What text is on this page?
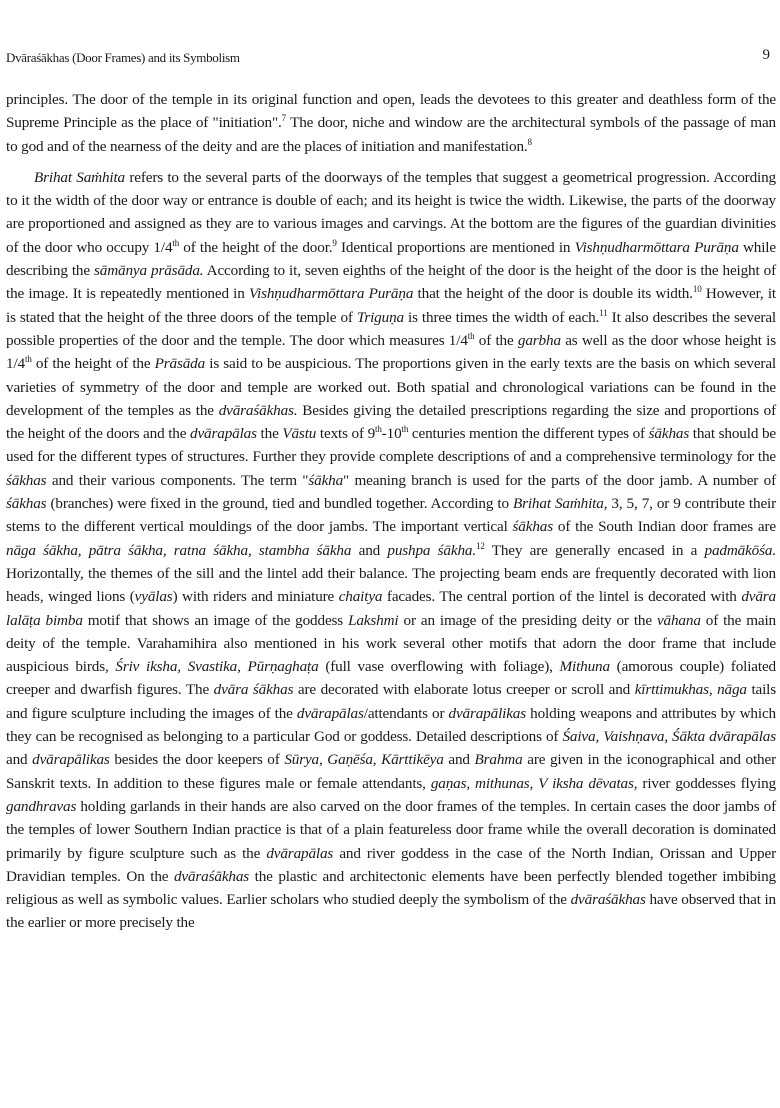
Dvāraśākhas (Door Frames) and its Symbolism	9

principles. The door of the temple in its original function and open, leads the devotees to this greater and deathless form of the Supreme Principle as the place of "initiation".$^7$ The door, niche and window are the architectural symbols of the passage of man to god and of the nearness of the deity and are the places of initiation and manifestation.$^8$

Brihat Saṁhita refers to the several parts of the doorways of the temples that suggest a geometrical progression. According to it the width of the door way or entrance is double of each; and its height is twice the width. Likewise, the parts of the doorway are proportioned and assigned as they are to various images and carvings. At the bottom are the figures of the guardian divinities of the door who occupy 1/4th of the height of the door.$^9$ Identical proportions are mentioned in Vishṇudharmōttara Purāṇa while describing the sāmānya prāsāda. According to it, seven eighths of the height of the door is the height of the door is the height of the image. It is repeatedly mentioned in Vishṇudharmōttara Purāṇa that the height of the door is double its width.$^{10}$ However, it is stated that the height of the three doors of the temple of Triguṇa is three times the width of each.$^{11}$ It also describes the several possible properties of the door and the temple. The door which measures 1/4th of the garbha as well as the door whose height is 1/4th of the height of the Prāsāda is said to be auspicious. The proportions given in the early texts are the basis on which several varieties of symmetry of the door and temple are worked out. Both spatial and chronological variations can be found in the development of the temples as the dvāraśākhas. Besides giving the detailed prescriptions regarding the size and proportions of the height of the doors and the dvārapālas the Vāstu texts of 9th-10th centuries mention the different types of śākhas that should be used for the different types of structures. Further they provide complete descriptions of and a comprehensive terminology for the śākhas and their various components. The term "śākha" meaning branch is used for the parts of the door jamb. A number of śākhas (branches) were fixed in the ground, tied and bundled together. According to Brihat Saṁhita, 3, 5, 7, or 9 contribute their stems to the different vertical mouldings of the door jambs. The important vertical śākhas of the South Indian door frames are nāga śākha, pātra śākha, ratna śākha, stambha śākha and pushpa śākha.$^{12}$ They are generally encased in a padmākōśa. Horizontally, the themes of the sill and the lintel add their balance. The projecting beam ends are frequently decorated with lion heads, winged lions (vyālas) with riders and miniature chaitya facades. The central portion of the lintel is decorated with dvāra lalāṭa bimba motif that shows an image of the goddess Lakshmi or an image of the presiding deity or the vāhana of the main deity of the temple. Varahamihira also mentioned in his work several other motifs that adorn the door frame that include auspicious birds, Śriv iksha, Svastika, Pūrṇaghaṭa (full vase overflowing with foliage), Mithuna (amorous couple) foliated creeper and dwarfish figures. The dvāra śākhas are decorated with elaborate lotus creeper or scroll and kīrttimukhas, nāga tails and figure sculpture including the images of the dvārapālas/attendants or dvārapālikas holding weapons and attributes by which they can be recognised as belonging to a particular God or goddess. Detailed descriptions of Śaiva, Vaishṇava, Śākta dvārapālas and dvārapālikas besides the door keepers of Sūrya, Gaṇēśa, Kārttikēya and Brahma are given in the iconographical and other Sanskrit texts. In addition to these figures male or female attendants, gaṇas, mithunas, V iksha dēvatas, river goddesses flying gandhravas holding garlands in their hands are also carved on the door frames of the temples. In certain cases the door jambs of the temples of lower Southern Indian practice is that of a plain featureless door frame while the overall decoration is dominated primarily by figure sculpture such as the dvārapālas and river goddess in the case of the North Indian, Orissan and Upper Dravidian temples. On the dvāraśākhas the plastic and architectonic elements have been perfectly blended together imbibing religious as well as symbolic values. Earlier scholars who studied deeply the symbolism of the dvāraśākhas have observed that in the earlier or more precisely the
